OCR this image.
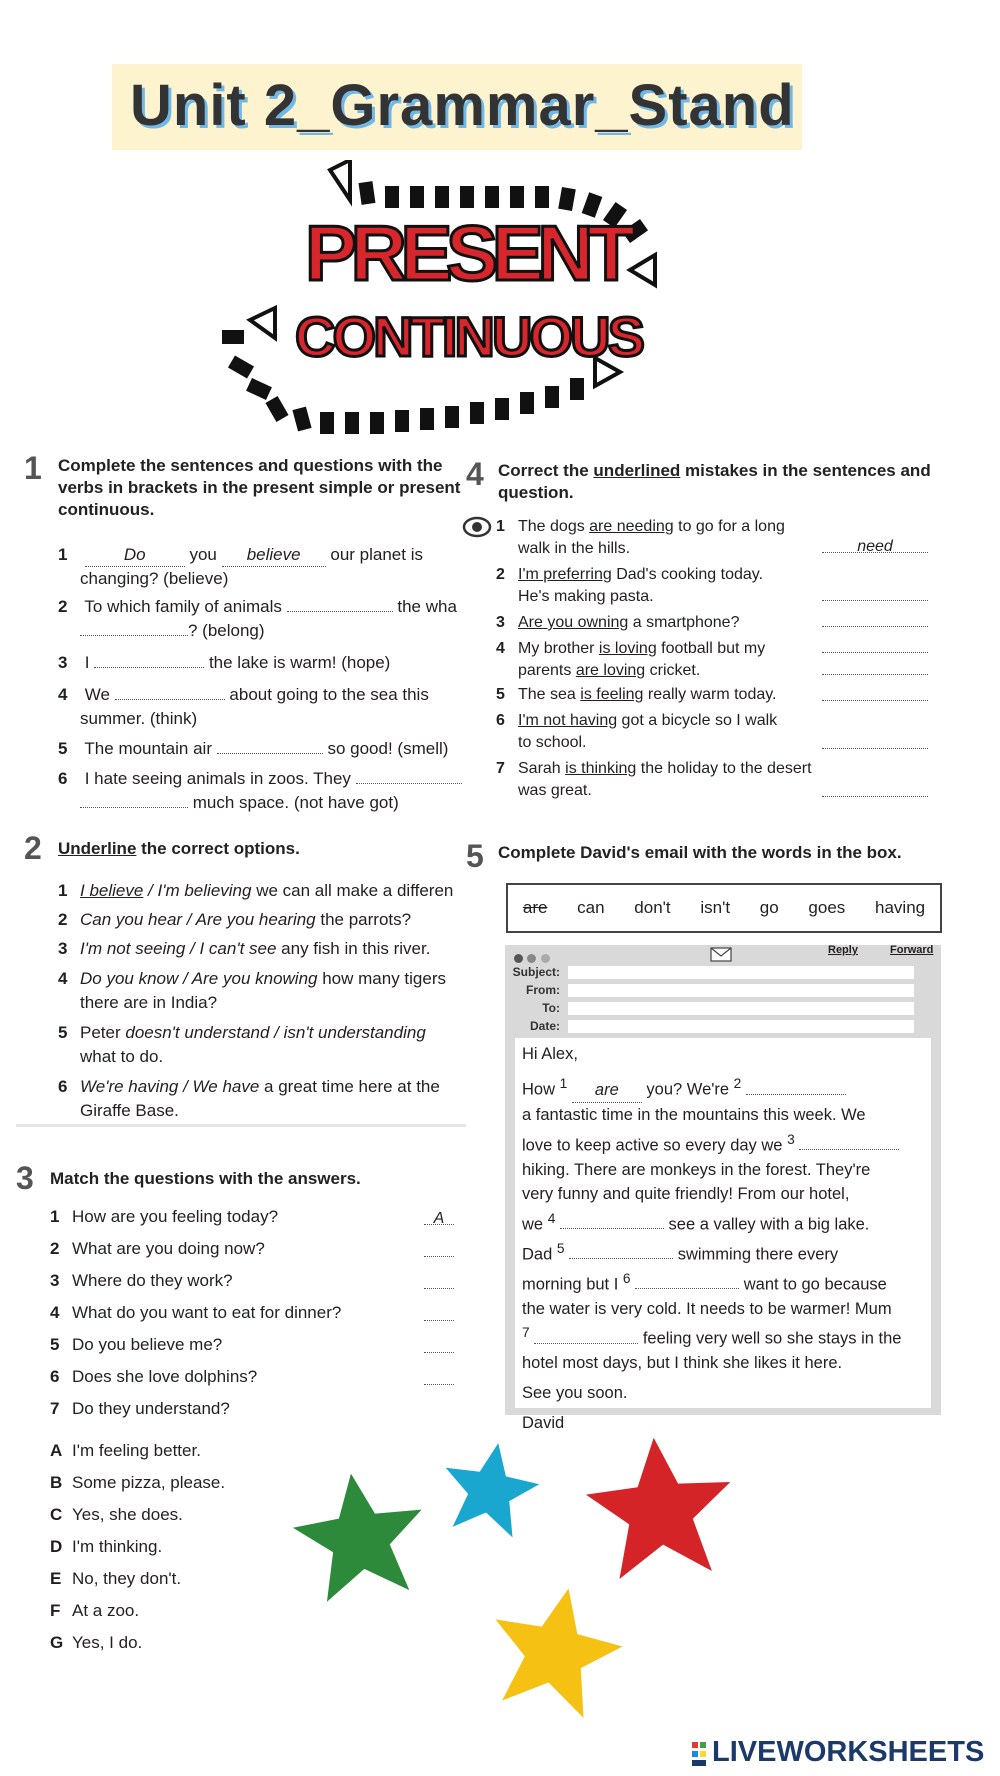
Unit 2_Grammar_Stand
PRESENT
CONTINUOUS
1 Complete the sentences and questions with the
verbs in brackets in the present simple or present
continuous.
1	Do	you believe our planet is
changing? (believe)
2 To which family of animals	the wha
? (belong)
3 I	the lake is warm! (hope)
4 We	about going to the sea this
summer. (think)
5 The mountain air	so good! (smell)
6 I hate seeing animals in zoos. They
much space. (not have got)
2 Underline the correct options.
1 I believe / I'm believing we can all make a differen
2 Can you hear / Are you hearing the parrots?
3 I'm not seeing / I can't see any fish in this river.
4 Do you know / Are you knowing how many tigers
there are in India?
5 Peter doesn't understand / isn't understanding
what to do.
6 We're having / We have a great time here at the
Giraffe Base.
3 Match the questions with the answers.
1 How are you feeling today?	A
2 What are you doing now?
3 Where do they work?
4 What do you want to eat for dinner?
5 Do you believe me?
6 Does she love dolphins?
7 Do they understand?
A I'm feeling better.
B Some pizza, please.
C Yes, she does.
D I'm thinking.
E No, they don't.
F At a zoo.
G Yes, I do.
4 Correct the underlined mistakes in the sentences and
question.
1 The dogs are needing to go for a long
walk in the hills.	need
2 I'm preferring Dad's cooking today.
He's making pasta.
3 Are you owning a smartphone?
4 My brother is loving football but my
parents are loving cricket.
5 The sea is feeling really warm today.
6 I'm not having got a bicycle so I walk
to school.
7 Sarah is thinking the holiday to the desert
was great.
5 Complete David's email with the words in the box.
are can don't isn't go goes having

Reply	Forward
Subject:
From:
To:
Date:
Hi Alex,
How $^1$ are you? We're $^2$
a fantastic time in the mountains this week. We
love to keep active so every day we $^3$
hiking. There are monkeys in the forest. They're
very funny and quite friendly! From our hotel,
we $^4$	see a valley with a big lake.
Dad $^5$	swimming there every
morning but I $^6$	want to go because
the water is very cold. It needs to be warmer! Mum
$^7$	feeling very well so she stays in the
hotel most days, but I think she likes it here.
See you soon.
David
LIVEWORKSHEETS
